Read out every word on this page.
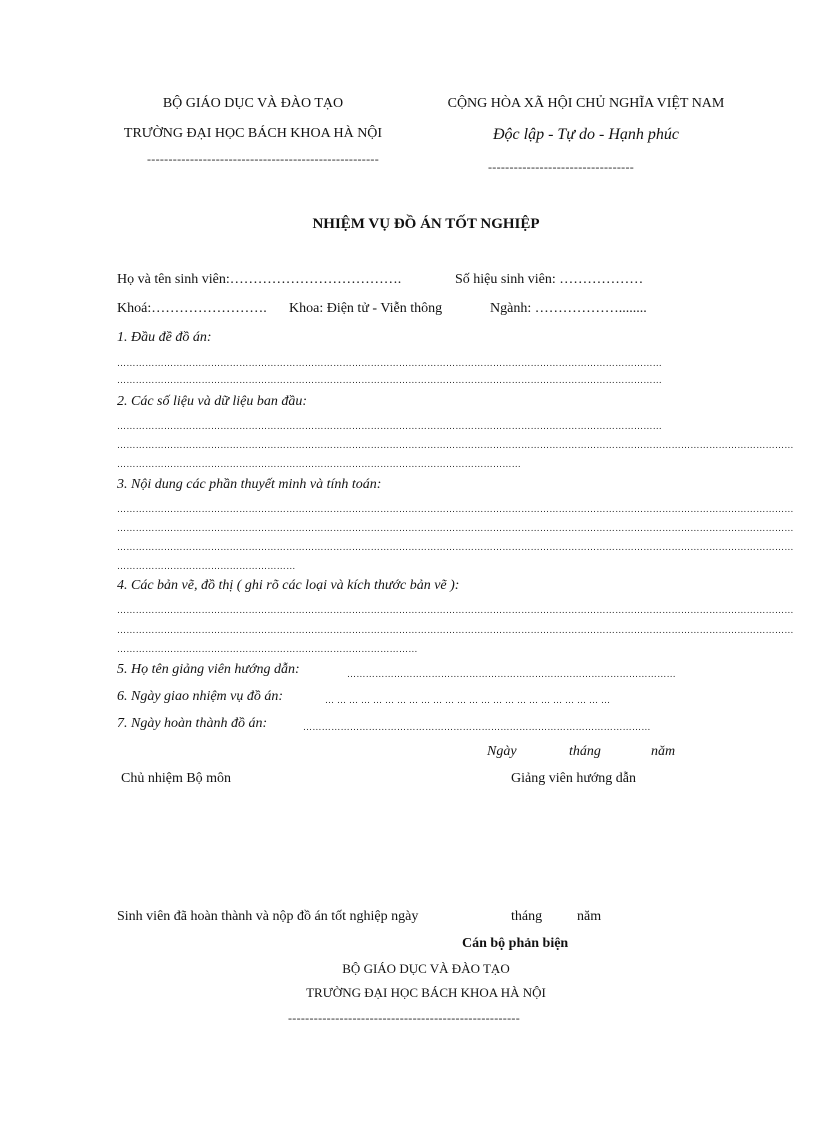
BỘ GIÁO DỤC VÀ ĐÀO TẠO
TRƯỜNG ĐẠI HỌC BÁCH KHOA HÀ NỘI
------------------------------------------------------
CỘNG HÒA XÃ HỘI CHỦ NGHĨA VIỆT NAM
Độc lập - Tự do - Hạnh phúc
----------------------------------
NHIỆM VỤ ĐỒ ÁN TỐT NGHIỆP
Họ và tên sinh viên:……………………………….	Số hiệu sinh viên: ………………
Khoá:……………………. Khoa: Điện tử - Viễn thông	Ngành: ………………........
1. Đầu đề đồ án:
…………………………………………………………………………………………………………………………………………………………
…………………………………………………………………………………………………………………………………………………………
2. Các số liệu và dữ liệu ban đầu:
…………………………………………………………………………………………………………………………………………………………
………………………………………………………………………………………………………………………………………………………………………………………………
…………………………………………………………………………………………………………………
3. Nội dung các phần thuyết minh và tính toán:
………………………………………………………………………………………………………………………………………………………………………………………………
………………………………………………………………………………………………………………………………………………………………………………………………
………………………………………………………………………………………………………………………………………………………………………………………………
…………………………………………………
4. Các bản vẽ, đồ thị ( ghi rõ các loại và kích thước bản vẽ ):
………………………………………………………………………………………………………………………………………………………………………………………………
………………………………………………………………………………………………………………………………………………………………………………………………
……………………………………………………………………………………
5. Họ tên giảng viên hướng dẫn:	……………………………………………………………………………………………
6. Ngày giao nhiệm vụ đồ án:	………………………………………………………………
7. Ngày hoàn thành đồ án:	…………………………………………………………………………………………………
Ngày	tháng	năm
Chủ nhiệm Bộ môn	Giảng viên hướng dẫn
Sinh viên đã hoàn thành và nộp đồ án tốt nghiệp ngày	tháng năm
Cán bộ phản biện
BỘ GIÁO DỤC VÀ ĐÀO TẠO
TRƯỜNG ĐẠI HỌC BÁCH KHOA HÀ NỘI
------------------------------------------------------
